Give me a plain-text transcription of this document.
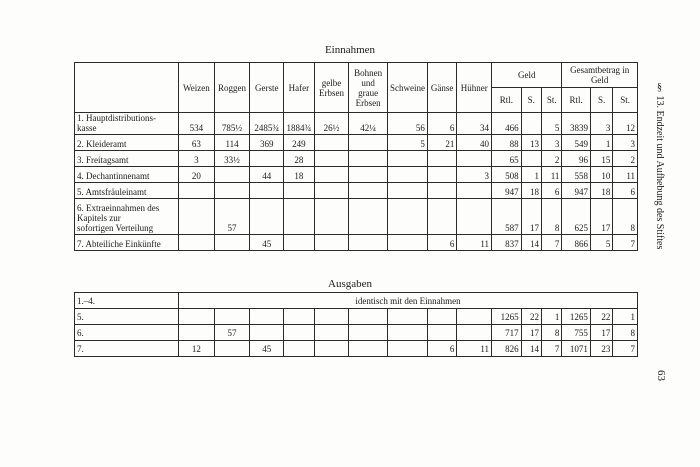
Einnahmen
	Weizen	Roggen	Gerste	Hafer	gelbe Erbsen	Bohnen und graue Erbsen	Schweine	Gänse	Hühner	Geld			Gesamtbetrag in Geld		
										Rtl.	S.	St.	Rtl.	S.	St.
1. Hauptdistributions-
kasse	534	785½	2485¾	1884¾	26½	42¼	56	6	34	466		5	3839	3	12
2. Kleideramt	63	114	369	249			5	21	40	88	13	3	549	1	3
3. Freitagsamt	3	33½		28						65		2	96	15	2
4. Dechantinnenamt	20		44	18					3	508	1	11	558	10	11
5. Amtsfräuleinamt										947	18	6	947	18	6
6. Extraeinnahmen des
Kapitels zur
sofortigen Verteilung		57								587	17	8	625	17	8
7. Abteiliche Einkünfte			45					6	11	837	14	7	866	5	7
Ausgaben
1.–4.	identisch mit den Einnahmen														
5.										1265	22	1	1265	22	1
6.		57								717	17	8	755	17	8
7.	12		45					6	11	826	14	7	1071	23	7
§ 13. Endzeit und Aufhebung des Stiftes
63
